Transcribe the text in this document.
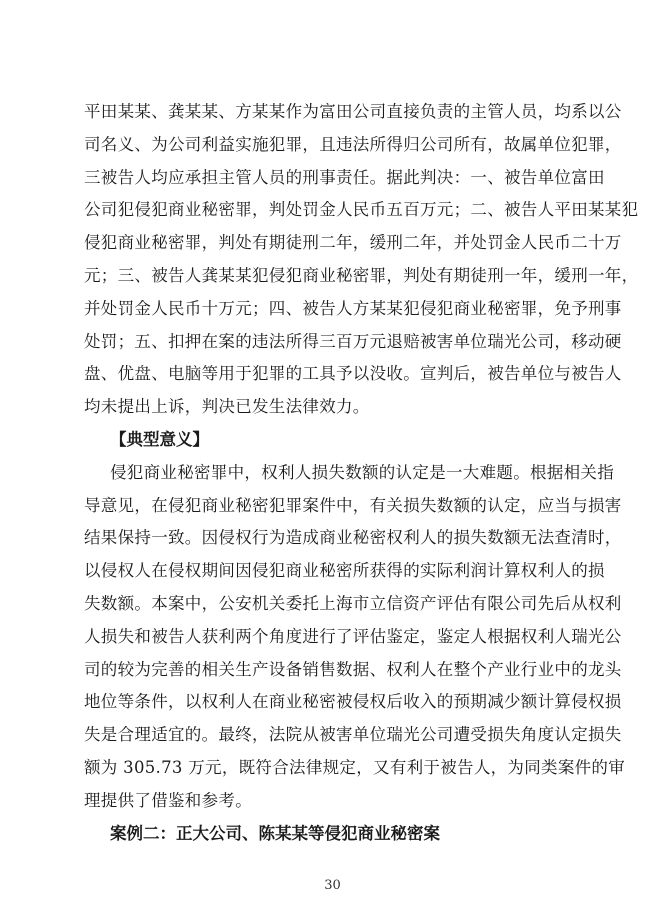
平田某某、龚某某、方某某作为富田公司直接负责的主管人员，均系以公
司名义、为公司利益实施犯罪，且违法所得归公司所有，故属单位犯罪，
三被告人均应承担主管人员的刑事责任。据此判决：一、被告单位富田
公司犯侵犯商业秘密罪，判处罚金人民币五百万元；二、被告人平田某某犯
侵犯商业秘密罪，判处有期徒刑二年，缓刑二年，并处罚金人民币二十万
元；三、被告人龚某某犯侵犯商业秘密罪，判处有期徒刑一年，缓刑一年，
并处罚金人民币十万元；四、被告人方某某犯侵犯商业秘密罪，免予刑事
处罚；五、扣押在案的违法所得三百万元退赔被害单位瑞光公司，移动硬
盘、优盘、电脑等用于犯罪的工具予以没收。宣判后，被告单位与被告人
均未提出上诉，判决已发生法律效力。
【典型意义】
侵犯商业秘密罪中，权利人损失数额的认定是一大难题。根据相关指
导意见，在侵犯商业秘密犯罪案件中，有关损失数额的认定，应当与损害
结果保持一致。因侵权行为造成商业秘密权利人的损失数额无法查清时，
以侵权人在侵权期间因侵犯商业秘密所获得的实际利润计算权利人的损
失数额。本案中，公安机关委托上海市立信资产评估有限公司先后从权利
人损失和被告人获利两个角度进行了评估鉴定，鉴定人根据权利人瑞光公
司的较为完善的相关生产设备销售数据、权利人在整个产业行业中的龙头
地位等条件，以权利人在商业秘密被侵权后收入的预期减少额计算侵权损
失是合理适宜的。最终，法院从被害单位瑞光公司遭受损失角度认定损失
额为 305.73 万元，既符合法律规定，又有利于被告人，为同类案件的审
理提供了借鉴和参考。
案例二：正大公司、陈某某等侵犯商业秘密案
30
